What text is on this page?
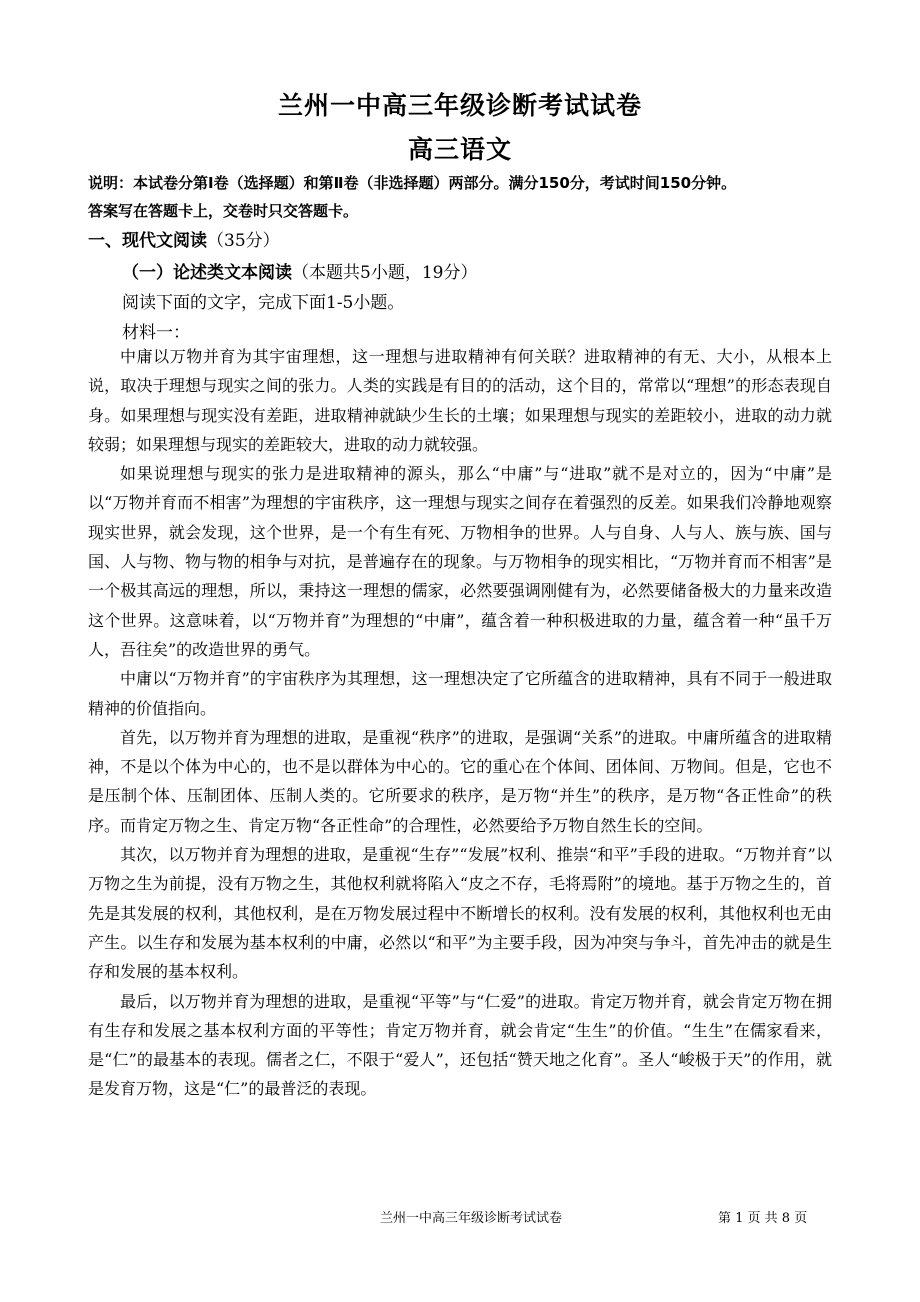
兰州一中高三年级诊断考试试卷
高三语文
说明：本试卷分第Ⅰ卷（选择题）和第Ⅱ卷（非选择题）两部分。满分150分，考试时间150分钟。
答案写在答题卡上，交卷时只交答题卡。
一、现代文阅读（35分）
（一）论述类文本阅读（本题共5小题，19分）
阅读下面的文字，完成下面1-5小题。
材料一：

中庸以万物并育为其宇宙理想，这一理想与进取精神有何关联？进取精神的有无、大小，从根本上说，取决于理想与现实之间的张力。人类的实践是有目的的活动，这个目的，常常以“理想”的形态表现自身。如果理想与现实没有差距，进取精神就缺少生长的土壤；如果理想与现实的差距较小，进取的动力就较弱；如果理想与现实的差距较大，进取的动力就较强。

如果说理想与现实的张力是进取精神的源头，那么“中庸”与“进取”就不是对立的，因为“中庸”是以“万物并育而不相害”为理想的宇宙秩序，这一理想与现实之间存在着强烈的反差。如果我们冷静地观察现实世界，就会发现，这个世界，是一个有生有死、万物相争的世界。人与自身、人与人、族与族、国与国、人与物、物与物的相争与对抗，是普遍存在的现象。与万物相争的现实相比，“万物并育而不相害”是一个极其高远的理想，所以，秉持这一理想的儒家，必然要强调刚健有为，必然要储备极大的力量来改造这个世界。这意味着，以“万物并育”为理想的“中庸”，蕴含着一种积极进取的力量，蕴含着一种“虽千万人，吾往矣”的改造世界的勇气。

中庸以“万物并育”的宇宙秩序为其理想，这一理想决定了它所蕴含的进取精神，具有不同于一般进取精神的价值指向。

首先，以万物并育为理想的进取，是重视“秩序”的进取，是强调“关系”的进取。中庸所蕴含的进取精神，不是以个体为中心的，也不是以群体为中心的。它的重心在个体间、团体间、万物间。但是，它也不是压制个体、压制团体、压制人类的。它所要求的秩序，是万物“并生”的秩序，是万物“各正性命”的秩序。而肯定万物之生、肯定万物“各正性命”的合理性，必然要给予万物自然生长的空间。

其次，以万物并育为理想的进取，是重视“生存”“发展”权利、推崇“和平”手段的进取。“万物并育”以万物之生为前提，没有万物之生，其他权利就将陷入“皮之不存，毛将焉附”的境地。基于万物之生的，首先是其发展的权利，其他权利，是在万物发展过程中不断增长的权利。没有发展的权利，其他权利也无由产生。以生存和发展为基本权利的中庸，必然以“和平”为主要手段，因为冲突与争斗，首先冲击的就是生存和发展的基本权利。

最后，以万物并育为理想的进取，是重视“平等”与“仁爱”的进取。肯定万物并育，就会肯定万物在拥有生存和发展之基本权利方面的平等性；肯定万物并育，就会肯定“生生”的价值。“生生”在儒家看来，是“仁”的最基本的表现。儒者之仁，不限于“爱人”，还包括“赞天地之化育”。圣人“峻极于天”的作用，就是发育万物，这是“仁”的最普泛的表现。

兰州一中高三年级诊断考试试卷	第 1 页 共 8 页
